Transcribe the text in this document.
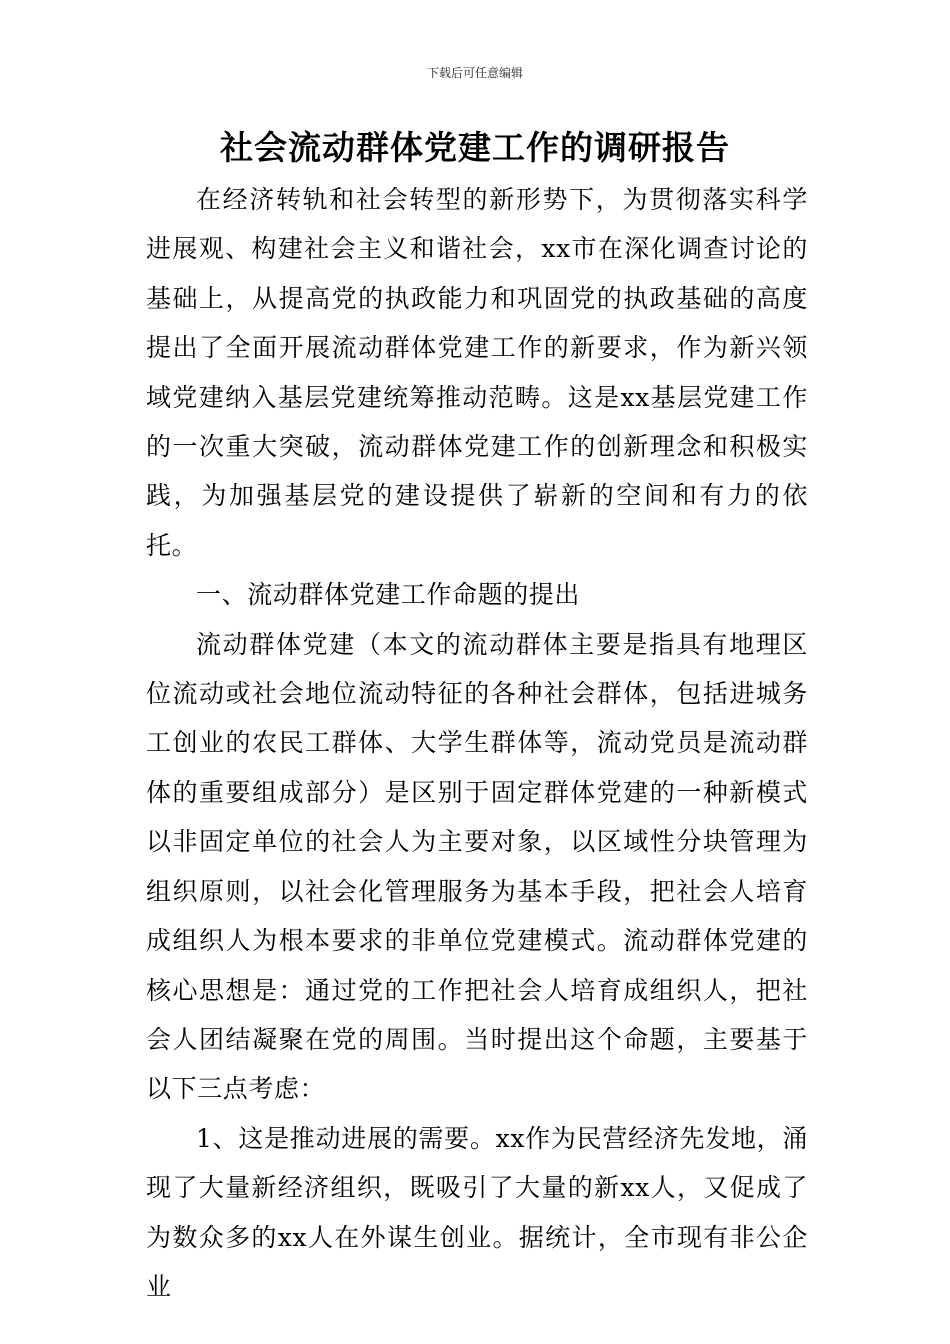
下载后可任意编辑
社会流动群体党建工作的调研报告

在经济转轨和社会转型的新形势下，为贯彻落实科学进展观、构建社会主义和谐社会，xx市在深化调查讨论的基础上，从提高党的执政能力和巩固党的执政基础的高度提出了全面开展流动群体党建工作的新要求，作为新兴领域党建纳入基层党建统筹推动范畴。这是xx基层党建工作的一次重大突破，流动群体党建工作的创新理念和积极实践，为加强基层党的建设提供了崭新的空间和有力的依托。

一、流动群体党建工作命题的提出

流动群体党建（本文的流动群体主要是指具有地理区位流动或社会地位流动特征的各种社会群体，包括进城务工创业的农民工群体、大学生群体等，流动党员是流动群体的重要组成部分）是区别于固定群体党建的一种新模式以非固定单位的社会人为主要对象，以区域性分块管理为组织原则，以社会化管理服务为基本手段，把社会人培育成组织人为根本要求的非单位党建模式。流动群体党建的核心思想是：通过党的工作把社会人培育成组织人，把社会人团结凝聚在党的周围。当时提出这个命题，主要基于以下三点考虑：

1、这是推动进展的需要。xx作为民营经济先发地，涌现了大量新经济组织，既吸引了大量的新xx人，又促成了为数众多的xx人在外谋生创业。据统计，全市现有非公企业
